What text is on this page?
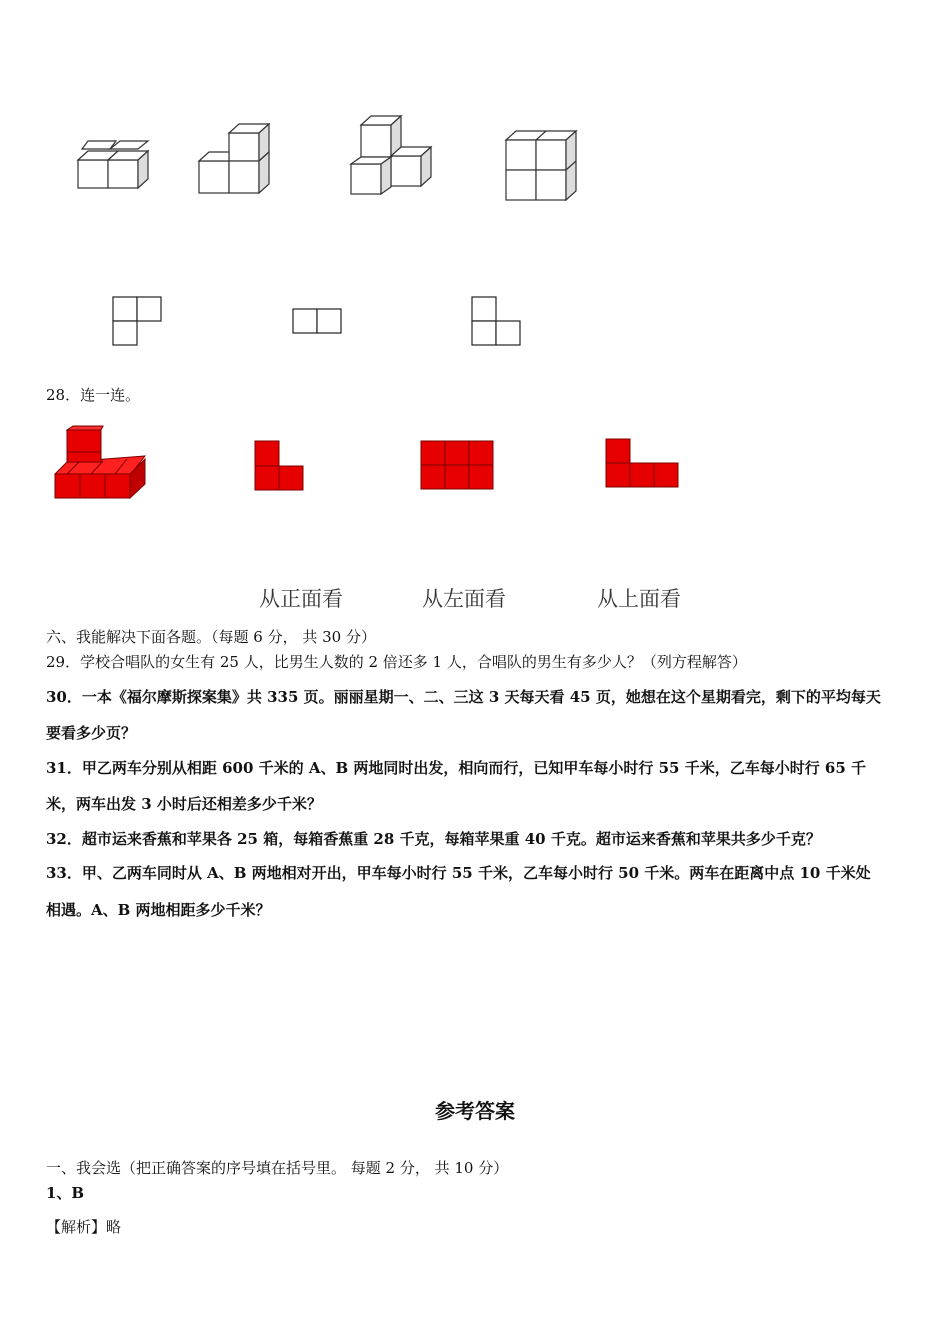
28．连一连。
从正面看	从左面看	从上面看
六、我能解决下面各题。（每题 6 分， 共 30 分）
29．学校合唱队的女生有 25 人，比男生人数的 2 倍还多 1 人，合唱队的男生有多少人？（列方程解答）
30．一本《福尔摩斯探案集》共 335 页。丽丽星期一、二、三这 3 天每天看 45 页，她想在这个星期看完，剩下的平均每天
要看多少页？
31．甲乙两车分别从相距 600 千米的 A、B 两地同时出发，相向而行，已知甲车每小时行 55 千米，乙车每小时行 65 千
米，两车出发 3 小时后还相差多少千米？
32．超市运来香蕉和苹果各 25 箱，每箱香蕉重 28 千克，每箱苹果重 40 千克。超市运来香蕉和苹果共多少千克？
33．甲、乙两车同时从 A、B 两地相对开出，甲车每小时行 55 千米，乙车每小时行 50 千米。两车在距离中点 10 千米处
相遇。A、B 两地相距多少千米？
参考答案
一、我会选（把正确答案的序号填在括号里。 每题 2 分， 共 10 分）
1、B
【解析】略
